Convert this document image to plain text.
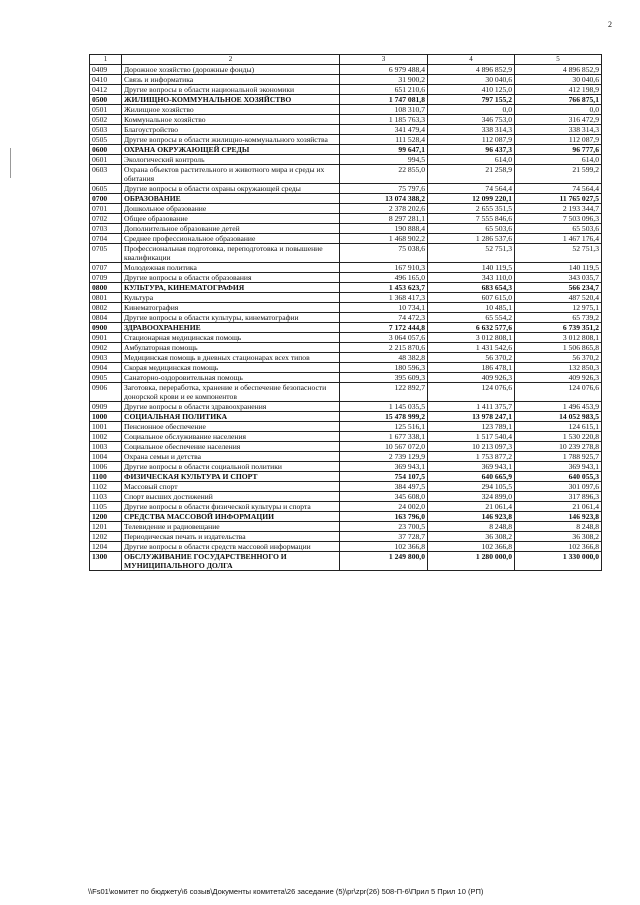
2
1	2	3	4	5
0409	Дорожное хозяйство (дорожные фонды)	6 979 488,4	4 896 852,9	4 896 852,9
0410	Связь и информатика	31 900,2	30 040,6	30 040,6
0412	Другие вопросы в области национальной экономики	651 210,6	410 125,0	412 198,9
0500	ЖИЛИЩНО-КОММУНАЛЬНОЕ ХОЗЯЙСТВО	1 747 081,8	797 155,2	766 875,1
0501	Жилищное хозяйство	108 310,7	0,0	0,0
0502	Коммунальное хозяйство	1 185 763,3	346 753,0	316 472,9
0503	Благоустройство	341 479,4	338 314,3	338 314,3
0505	Другие вопросы в области жилищно-коммунального хозяйства	111 528,4	112 087,9	112 087,9
0600	ОХРАНА ОКРУЖАЮЩЕЙ СРЕДЫ	99 647,1	96 437,3	96 777,6
0601	Экологический контроль	994,5	614,0	614,0
0603	Охрана объектов растительного и животного мира и среды их обитания	22 855,0	21 258,9	21 599,2
0605	Другие вопросы в области охраны окружающей среды	75 797,6	74 564,4	74 564,4
0700	ОБРАЗОВАНИЕ	13 074 388,2	12 099 220,1	11 765 027,5
0701	Дошкольное образование	2 378 202,6	2 655 351,5	2 193 344,7
0702	Общее образование	8 297 281,1	7 555 846,6	7 503 096,3
0703	Дополнительное образование детей	190 888,4	65 503,6	65 503,6
0704	Среднее профессиональное образование	1 468 902,2	1 286 537,6	1 467 176,4
0705	Профессиональная подготовка, переподготовка и повышение квалификации	75 038,6	52 751,3	52 751,3
0707	Молодежная политика	167 910,3	140 119,5	140 119,5
0709	Другие вопросы в области образования	496 165,0	343 110,0	343 035,7
0800	КУЛЬТУРА, КИНЕМАТОГРАФИЯ	1 453 623,7	683 654,3	566 234,7
0801	Культура	1 368 417,3	607 615,0	487 520,4
0802	Кинематография	10 734,1	10 485,1	12 975,1
0804	Другие вопросы в области культуры, кинематографии	74 472,3	65 554,2	65 739,2
0900	ЗДРАВООХРАНЕНИЕ	7 172 444,8	6 632 577,6	6 739 351,2
0901	Стационарная медицинская помощь	3 064 057,6	3 012 808,1	3 012 808,1
0902	Амбулаторная помощь	2 215 870,6	1 431 542,6	1 506 865,8
0903	Медицинская помощь в дневных стационарах всех типов	48 382,8	56 370,2	56 370,2
0904	Скорая медицинская помощь	180 596,3	186 478,1	132 850,3
0905	Санаторно-оздоровительная помощь	395 609,3	409 926,3	409 926,3
0906	Заготовка, переработка, хранение и обеспечение безопасности донорской крови и ее компонентов	122 892,7	124 076,6	124 076,6
0909	Другие вопросы в области здравоохранения	1 145 035,5	1 411 375,7	1 496 453,9
1000	СОЦИАЛЬНАЯ ПОЛИТИКА	15 478 999,2	13 978 247,1	14 052 983,5
1001	Пенсионное обеспечение	125 516,1	123 789,1	124 615,1
1002	Социальное обслуживание населения	1 677 338,1	1 517 540,4	1 530 220,8
1003	Социальное обеспечение населения	10 567 072,0	10 213 097,3	10 239 278,8
1004	Охрана семьи и детства	2 739 129,9	1 753 877,2	1 788 925,7
1006	Другие вопросы в области социальной политики	369 943,1	369 943,1	369 943,1
1100	ФИЗИЧЕСКАЯ КУЛЬТУРА И СПОРТ	754 107,5	640 665,9	640 055,3
1102	Массовый спорт	384 497,5	294 105,5	301 097,6
1103	Спорт высших достижений	345 608,0	324 899,0	317 896,3
1105	Другие вопросы в области физической культуры и спорта	24 002,0	21 061,4	21 061,4
1200	СРЕДСТВА МАССОВОЙ ИНФОРМАЦИИ	163 796,0	146 923,8	146 923,8
1201	Телевидение и радиовещание	23 700,5	8 248,8	8 248,8
1202	Периодическая печать и издательства	37 728,7	36 308,2	36 308,2
1204	Другие вопросы в области средств массовой информации	102 366,8	102 366,8	102 366,8
1300	ОБСЛУЖИВАНИЕ ГОСУДАРСТВЕННОГО И МУНИЦИПАЛЬНОГО ДОЛГА	1 249 800,0	1 280 000,0	1 330 000,0
\\Fs01\комитет по бюджету\6 созыв\Документы комитета\26 заседание (5)\pr\zpr(26) 508-П-6\Прил 5 Прил 10 (РП)
